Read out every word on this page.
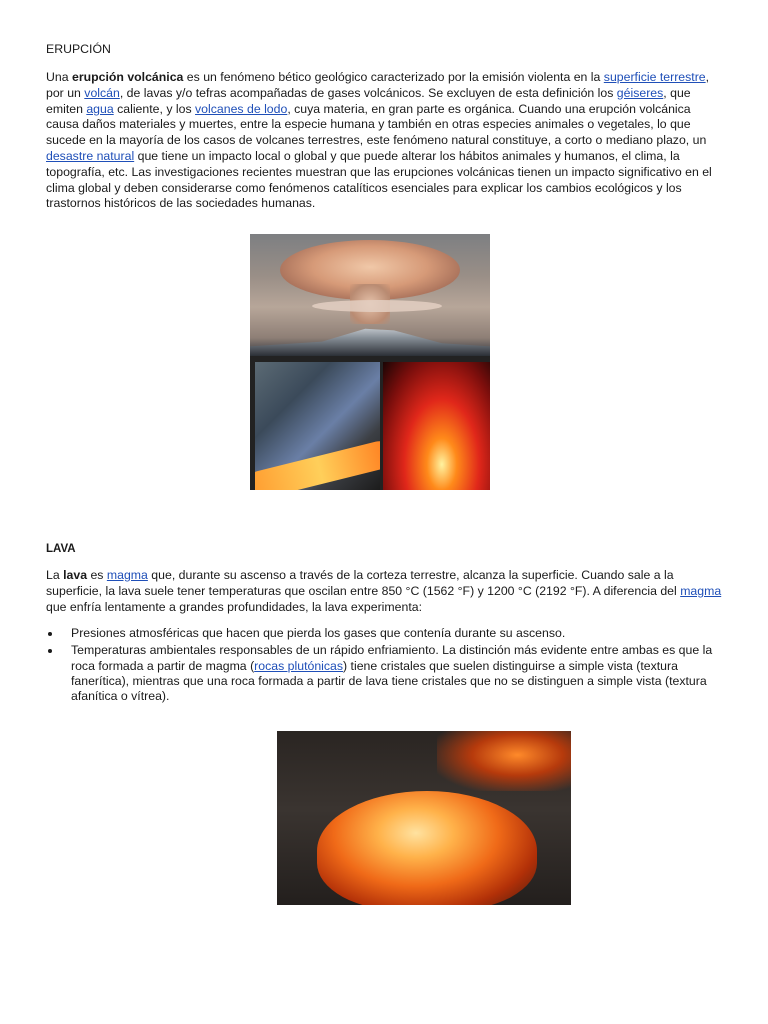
ERUPCIÓN

Una erupción volcánica es un fenómeno bético geológico caracterizado por la emisión violenta en la superficie terrestre, por un volcán, de lavas y/o tefras acompañadas de gases volcánicos. Se excluyen de esta definición los géiseres, que emiten agua caliente, y los volcanes de lodo, cuya materia, en gran parte es orgánica. Cuando una erupción volcánica causa daños materiales y muertes, entre la especie humana y también en otras especies animales o vegetales, lo que sucede en la mayoría de los casos de volcanes terrestres, este fenómeno natural constituye, a corto o mediano plazo, un desastre natural que tiene un impacto local o global y que puede alterar los hábitos animales y humanos, el clima, la topografía, etc. Las investigaciones recientes muestran que las erupciones volcánicas tienen un impacto significativo en el clima global y deben considerarse como fenómenos catalíticos esenciales para explicar los cambios ecológicos y los trastornos históricos de las sociedades humanas.

LAVA

La lava es magma que, durante su ascenso a través de la corteza terrestre, alcanza la superficie. Cuando sale a la superficie, la lava suele tener temperaturas que oscilan entre 850 °C (1562 °F) y 1200 °C (2192 °F). A diferencia del magma que enfría lentamente a grandes profundidades, la lava experimenta:

Presiones atmosféricas que hacen que pierda los gases que contenía durante su ascenso.
Temperaturas ambientales responsables de un rápido enfriamiento. La distinción más evidente entre ambas es que la roca formada a partir de magma (rocas plutónicas) tiene cristales que suelen distinguirse a simple vista (textura fanerítica), mientras que una roca formada a partir de lava tiene cristales que no se distinguen a simple vista (textura afanítica o vítrea).
